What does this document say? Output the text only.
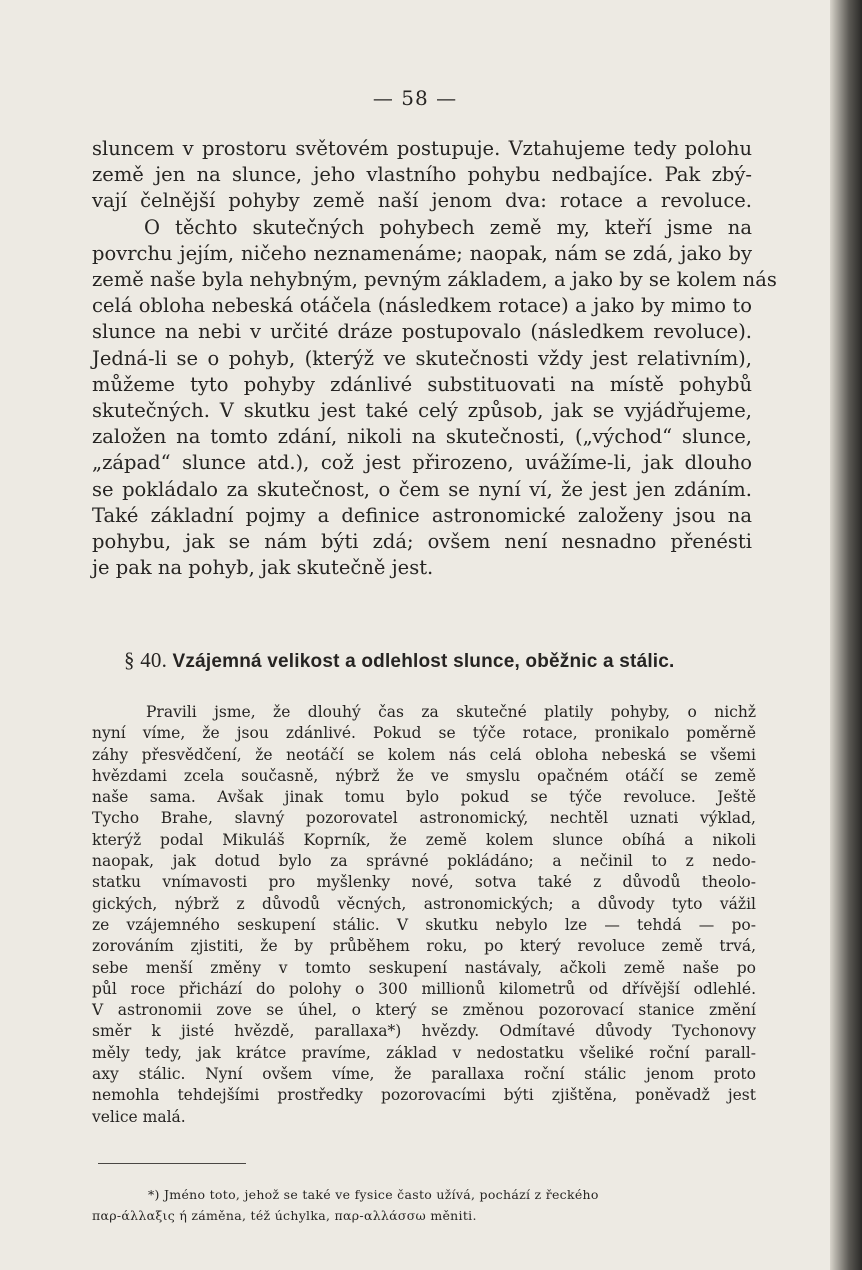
— 58 —
sluncem v prostoru světovém postupuje. Vztahujeme tedy polohu
země jen na slunce, jeho vlastního pohybu nedbajíce. Pak zbý-
vají čelnější pohyby země naší jenom dva: rotace a revoluce.
O těchto skutečných pohybech země my, kteří jsme na
povrchu jejím, ničeho neznamenáme; naopak, nám se zdá, jako by
země naše byla nehybným, pevným základem, a jako by se kolem nás
celá obloha nebeská otáčela (následkem rotace) a jako by mimo to
slunce na nebi v určité dráze postupovalo (následkem revoluce).
Jedná-li se o pohyb, (kterýž ve skutečnosti vždy jest relativním),
můžeme tyto pohyby zdánlivé substituovati na místě pohybů
skutečných. V skutku jest také celý způsob, jak se vyjádřujeme,
založen na tomto zdání, nikoli na skutečnosti, („východ“ slunce,
„západ“ slunce atd.), což jest přirozeno, uvážíme-li, jak dlouho
se pokládalo za skutečnost, o čem se nyní ví, že jest jen zdáním.
Také základní pojmy a definice astronomické založeny jsou na
pohybu, jak se nám býti zdá; ovšem není nesnadno přenésti
je pak na pohyb, jak skutečně jest.
§ 40. Vzájemná velikost a odlehlost slunce, oběžnic a stálic.
Pravili jsme, že dlouhý čas za skutečné platily pohyby, o nichž
nyní víme, že jsou zdánlivé. Pokud se týče rotace, pronikalo poměrně
záhy přesvědčení, že neotáčí se kolem nás celá obloha nebeská se všemi
hvězdami zcela současně, nýbrž že ve smyslu opačném otáčí se země
naše sama. Avšak jinak tomu bylo pokud se týče revoluce. Ještě
Tycho Brahe, slavný pozorovatel astronomický, nechtěl uznati výklad,
kterýž podal Mikuláš Koprník, že země kolem slunce obíhá a nikoli
naopak, jak dotud bylo za správné pokládáno; a nečinil to z nedo-
statku vnímavosti pro myšlenky nové, sotva také z důvodů theolo-
gických, nýbrž z důvodů věcných, astronomických; a důvody tyto vážil
ze vzájemného seskupení stálic. V skutku nebylo lze — tehdá — po-
zorováním zjistiti, že by průběhem roku, po který revoluce země trvá,
sebe menší změny v tomto seskupení nastávaly, ačkoli země naše po
půl roce přichází do polohy o 300 millionů kilometrů od dřívější odlehlé.
V astronomii zove se úhel, o který se změnou pozorovací stanice změní
směr k jisté hvězdě, parallaxa*) hvězdy. Odmítavé důvody Tychonovy
měly tedy, jak krátce pravíme, základ v nedostatku všeliké roční parall-
axy stálic. Nyní ovšem víme, že parallaxa roční stálic jenom proto
nemohla tehdejšími prostředky pozorovacími býti zjištěna, poněvadž jest
velice malá.
*) Jméno toto, jehož se také ve fysice často užívá, pochází z řeckého
παρ-άλλαξις ή záměna, též úchylka, παρ-αλλάσσω měniti.
